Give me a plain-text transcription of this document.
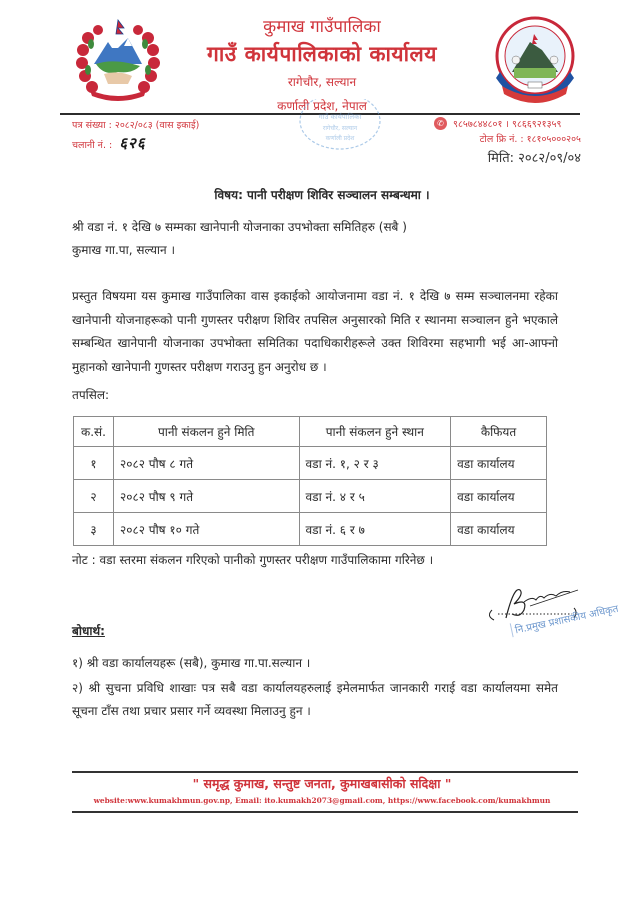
कुमाख गाउँपालिका
गाउँ कार्यपालिकाको कार्यालय
रागेचौर, सल्यान
कर्णाली प्रदेश, नेपाल
गाउँ कार्यपालिका
रागेचौर, सल्यान
कर्णाली प्रदेश
पत्र संख्या : २०८२/०८३ (वास इकाई)
चलानी नं. : ६२६
✆ ९८५७८४४८०१ । ९८६६९२१३५९
टोल फ्रि नं. : १८१०५०००२०५
मिति: २०८२/०९/०४
विषय: पानी परीक्षण शिविर सञ्चालन सम्बन्धमा ।
श्री वडा नं. १ देखि ७ सम्मका खानेपानी योजनाका उपभोक्ता समितिहरु (सबै )
कुमाख गा.पा, सल्यान ।
प्रस्तुत विषयमा यस कुमाख गाउँपालिका वास इकाईको आयोजनामा वडा नं. १ देखि ७ सम्म सञ्चालनमा रहेका खानेपानी योजनाहरूको पानी गुणस्तर परीक्षण शिविर तपसिल अनुसारको मिति र स्थानमा सञ्चालन हुने भएकाले सम्बन्धित खानेपानी योजनाका उपभोक्ता समितिका पदाधिकारीहरूले उक्त शिविरमा सहभागी भई आ-आफ्नो मुहानको खानेपानी गुणस्तर परीक्षण गराउनु हुन अनुरोध छ ।
तपसिल:
क.सं.	पानी संकलन हुने मिति	पानी संकलन हुने स्थान	कैफियत
१	२०८२ पौष ८ गते	वडा नं. १, २ र ३	वडा कार्यालय
२	२०८२ पौष ९ गते	वडा नं. ४ र ५	वडा कार्यालय
३	२०८२ पौष १० गते	वडा नं. ६ र ७	वडा कार्यालय
नोट : वडा स्तरमा संकलन गरिएको पानीको गुणस्तर परीक्षण गाउँपालिकामा गरिनेछ ।
नि.प्रमुख प्रशासकीय अधिकृत
बोधार्थ:
१) श्री वडा कार्यालयहरू (सबै), कुमाख गा.पा.सल्यान ।
२) श्री सुचना प्रविधि शाखाः पत्र सबै वडा कार्यालयहरुलाई इमेलमार्फत जानकारी गराई वडा कार्यालयमा समेत सूचना टाँस तथा प्रचार प्रसार गर्ने व्यवस्था मिलाउनु हुन ।
" समृद्ध कुमाख, सन्तुष्ट जनता, कुमाखबासीको सदिक्षा "
website:www.kumakhmun.gov.np, Email: ito.kumakh2073@gmail.com, https://www.facebook.com/kumakhmun
